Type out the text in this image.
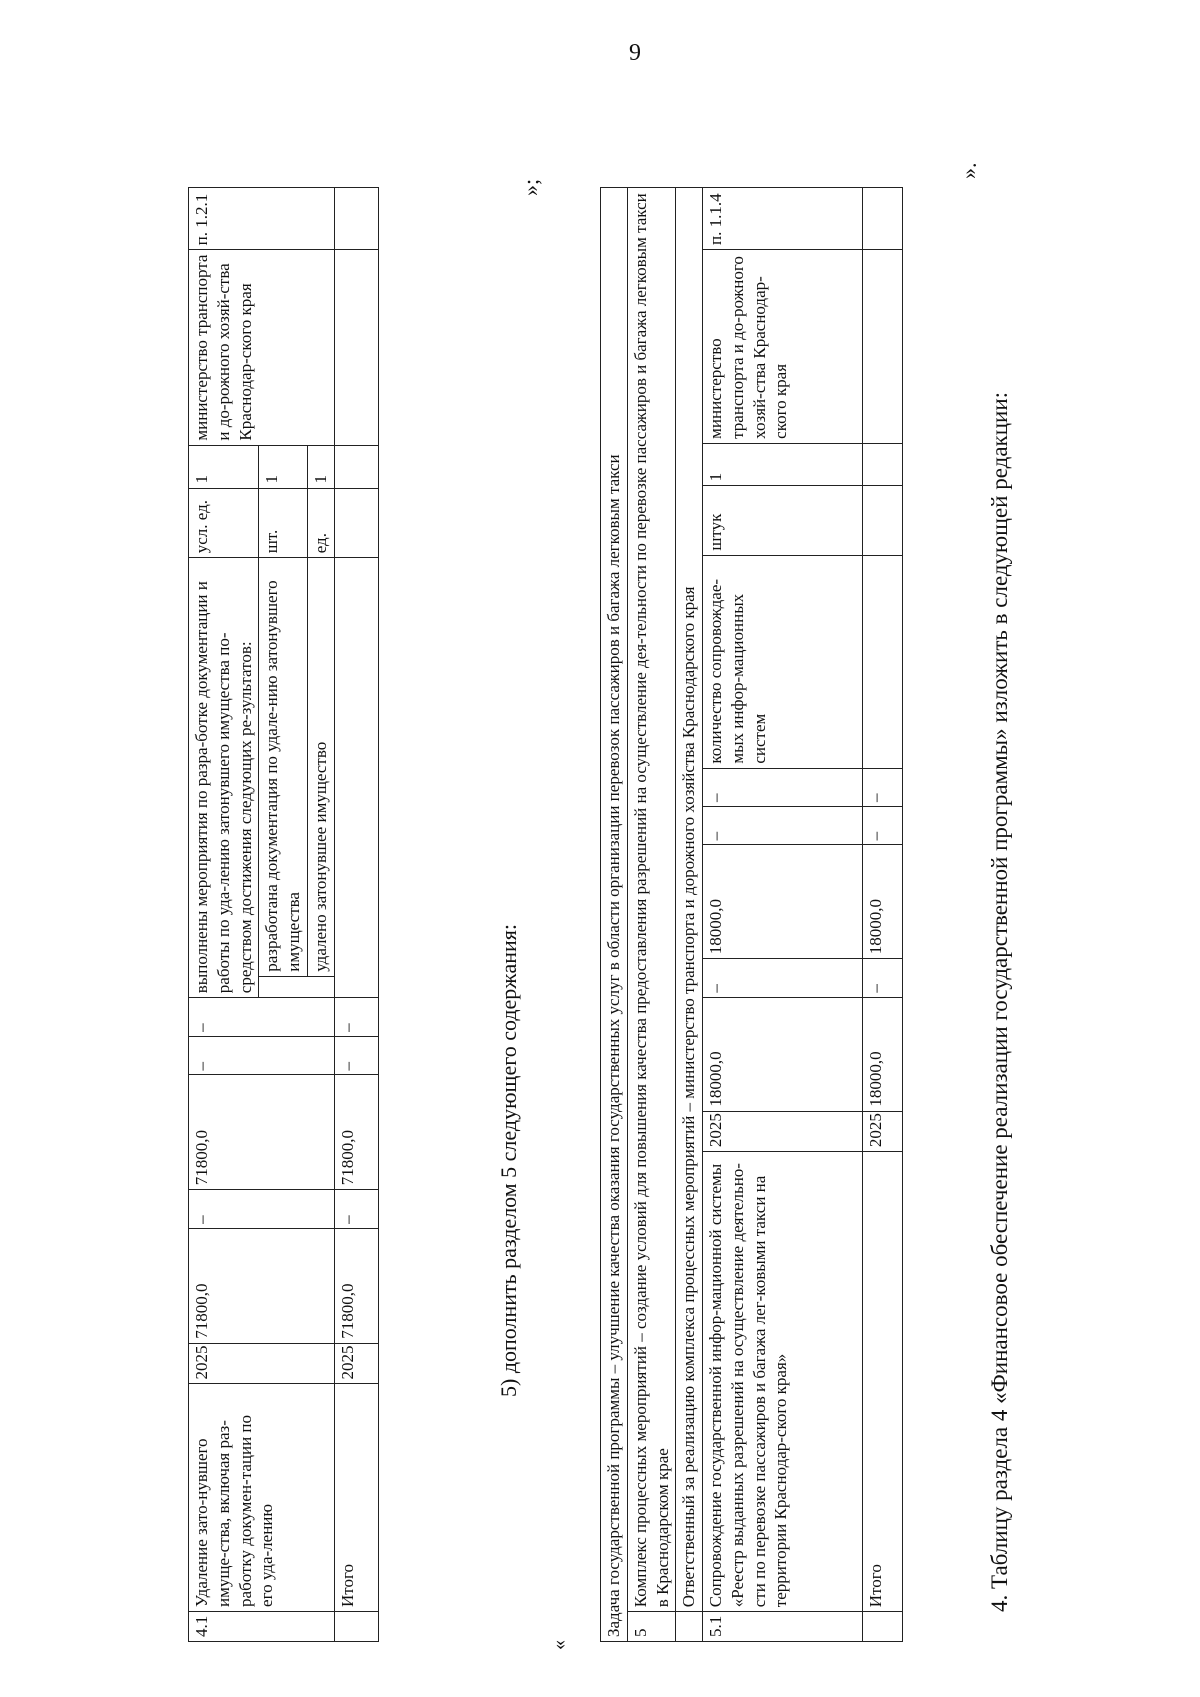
9
4.1	Удаление зато-нувшего имуще-ства, включая раз-работку докумен-тации по его уда-лению	2025	71800,0	–	71800,0	–	–	выполнены мероприятия по разра-ботке документации и работы по уда-лению затонувшего имущества по-средством достижения следующих ре-зультатов:		усл. ед.	1	министерство транспорта и до-рожного хозяй-ства Краснодар-ского края	п. 1.2.1
									разработана документация по удале-нию затонувшего имущества	шт.	1		
									удалено затонувшее имущество	ед.	1		
	Итого	2025	71800,0	–	71800,0	–	–						
»;
5) дополнить разделом 5 следующего содержания:
«
Задача государственной программы – улучшение качества оказания государственных услуг в области организации перевозок пассажиров и багажа легковым такси												
5	Комплекс процессных мероприятий – создание условий для повышения качества предоставления разрешений на осуществление дея-тельности по перевозке пассажиров и багажа легковым такси в Краснодарском крае											
	Ответственный за реализацию комплекса процессных мероприятий – министерство транспорта и дорожного хозяйства Краснодарского края											
5.1	Сопровождение государственной инфор-мационной системы «Реестр выданных разрешений на осуществление деятельно-сти по перевозке пассажиров и багажа лег-ковыми такси на территории Краснодар-ского края»	2025	18000,0	–	18000,0	–	–	количество сопровождае-мых инфор-мационных систем	штук	1	министерство транспорта и до-рожного хозяй-ства Краснодар-ского края	п. 1.1.4
	Итого	2025	18000,0	–	18000,0	–	–					
».
4. Таблицу раздела 4 «Финансовое обеспечение реализации государственной программы» изложить в следующей редакции:
